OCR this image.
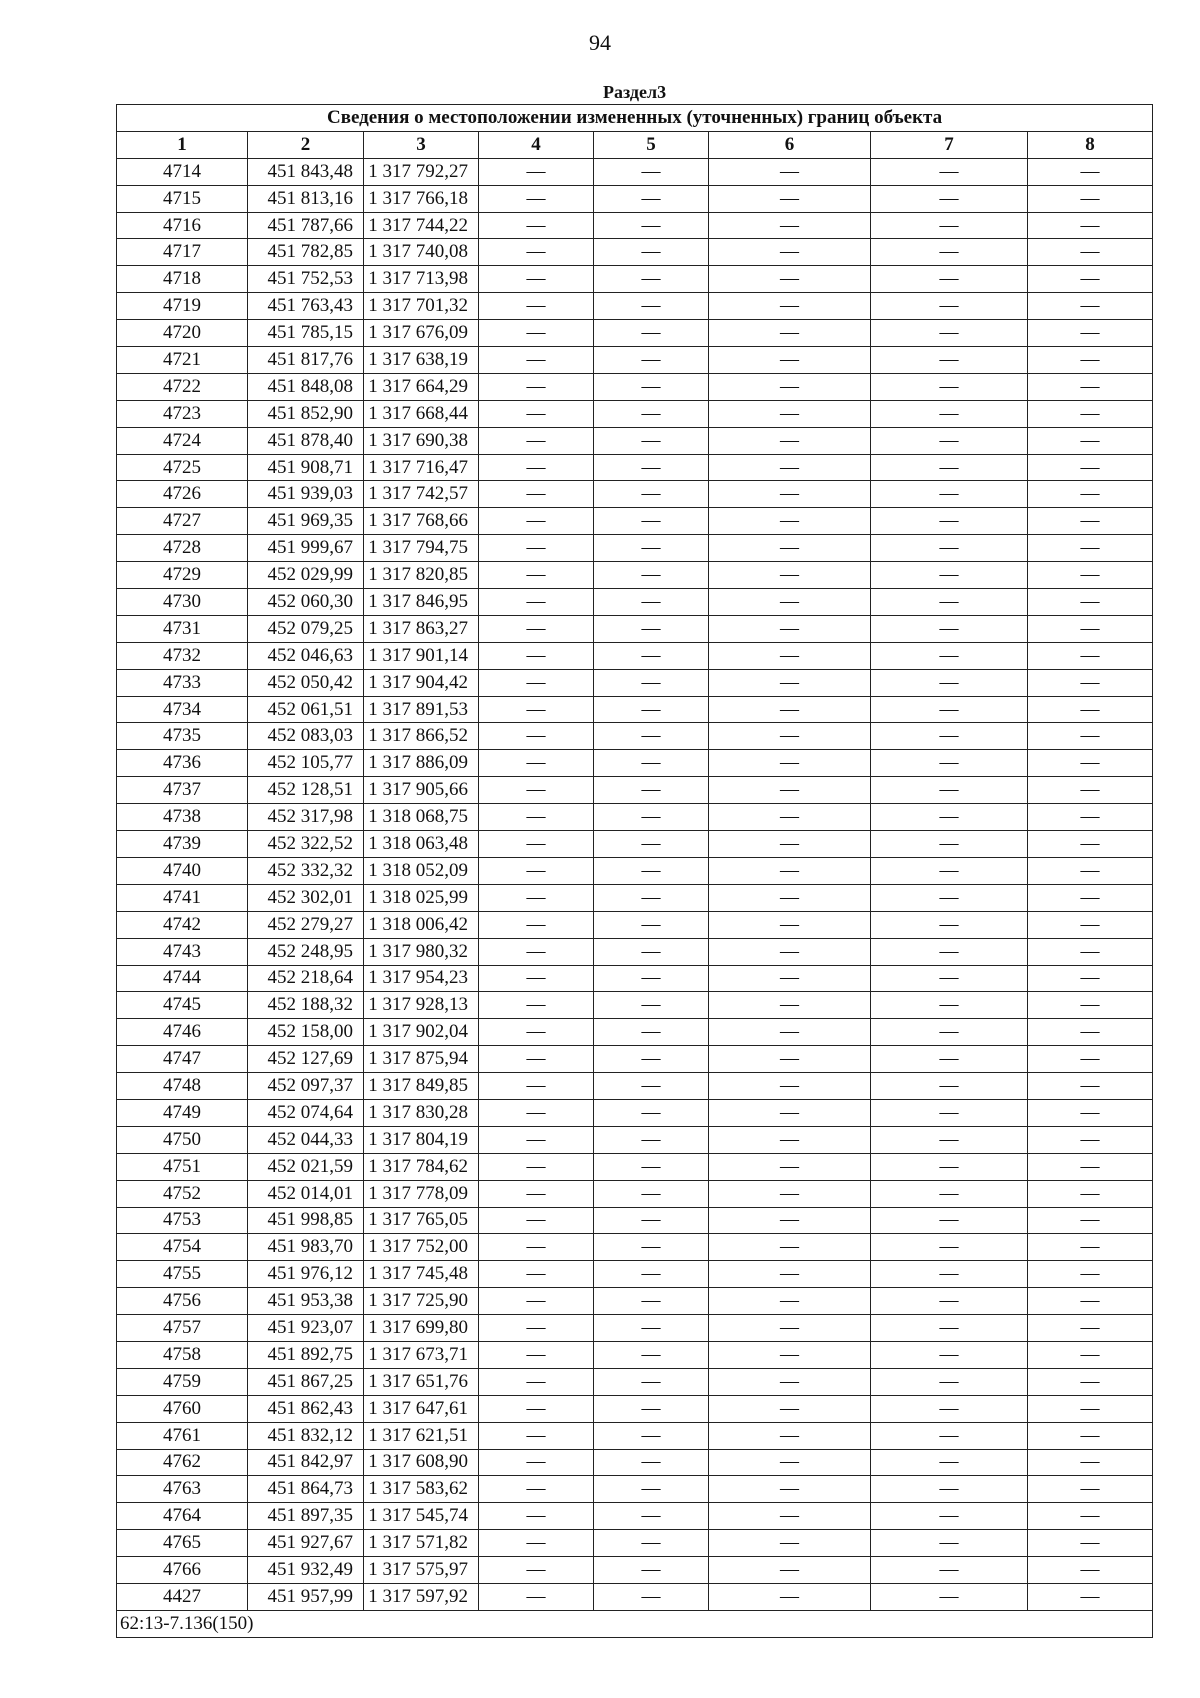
94
Раздел3							
Сведения о местоположении измененных (уточненных) границ объекта							
1	2	3	4	5	6	7	8
4714	451 843,48	1 317 792,27	—	—	—	—	—
4715	451 813,16	1 317 766,18	—	—	—	—	—
4716	451 787,66	1 317 744,22	—	—	—	—	—
4717	451 782,85	1 317 740,08	—	—	—	—	—
4718	451 752,53	1 317 713,98	—	—	—	—	—
4719	451 763,43	1 317 701,32	—	—	—	—	—
4720	451 785,15	1 317 676,09	—	—	—	—	—
4721	451 817,76	1 317 638,19	—	—	—	—	—
4722	451 848,08	1 317 664,29	—	—	—	—	—
4723	451 852,90	1 317 668,44	—	—	—	—	—
4724	451 878,40	1 317 690,38	—	—	—	—	—
4725	451 908,71	1 317 716,47	—	—	—	—	—
4726	451 939,03	1 317 742,57	—	—	—	—	—
4727	451 969,35	1 317 768,66	—	—	—	—	—
4728	451 999,67	1 317 794,75	—	—	—	—	—
4729	452 029,99	1 317 820,85	—	—	—	—	—
4730	452 060,30	1 317 846,95	—	—	—	—	—
4731	452 079,25	1 317 863,27	—	—	—	—	—
4732	452 046,63	1 317 901,14	—	—	—	—	—
4733	452 050,42	1 317 904,42	—	—	—	—	—
4734	452 061,51	1 317 891,53	—	—	—	—	—
4735	452 083,03	1 317 866,52	—	—	—	—	—
4736	452 105,77	1 317 886,09	—	—	—	—	—
4737	452 128,51	1 317 905,66	—	—	—	—	—
4738	452 317,98	1 318 068,75	—	—	—	—	—
4739	452 322,52	1 318 063,48	—	—	—	—	—
4740	452 332,32	1 318 052,09	—	—	—	—	—
4741	452 302,01	1 318 025,99	—	—	—	—	—
4742	452 279,27	1 318 006,42	—	—	—	—	—
4743	452 248,95	1 317 980,32	—	—	—	—	—
4744	452 218,64	1 317 954,23	—	—	—	—	—
4745	452 188,32	1 317 928,13	—	—	—	—	—
4746	452 158,00	1 317 902,04	—	—	—	—	—
4747	452 127,69	1 317 875,94	—	—	—	—	—
4748	452 097,37	1 317 849,85	—	—	—	—	—
4749	452 074,64	1 317 830,28	—	—	—	—	—
4750	452 044,33	1 317 804,19	—	—	—	—	—
4751	452 021,59	1 317 784,62	—	—	—	—	—
4752	452 014,01	1 317 778,09	—	—	—	—	—
4753	451 998,85	1 317 765,05	—	—	—	—	—
4754	451 983,70	1 317 752,00	—	—	—	—	—
4755	451 976,12	1 317 745,48	—	—	—	—	—
4756	451 953,38	1 317 725,90	—	—	—	—	—
4757	451 923,07	1 317 699,80	—	—	—	—	—
4758	451 892,75	1 317 673,71	—	—	—	—	—
4759	451 867,25	1 317 651,76	—	—	—	—	—
4760	451 862,43	1 317 647,61	—	—	—	—	—
4761	451 832,12	1 317 621,51	—	—	—	—	—
4762	451 842,97	1 317 608,90	—	—	—	—	—
4763	451 864,73	1 317 583,62	—	—	—	—	—
4764	451 897,35	1 317 545,74	—	—	—	—	—
4765	451 927,67	1 317 571,82	—	—	—	—	—
4766	451 932,49	1 317 575,97	—	—	—	—	—
4427	451 957,99	1 317 597,92	—	—	—	—	—
62:13-7.136(150)							
